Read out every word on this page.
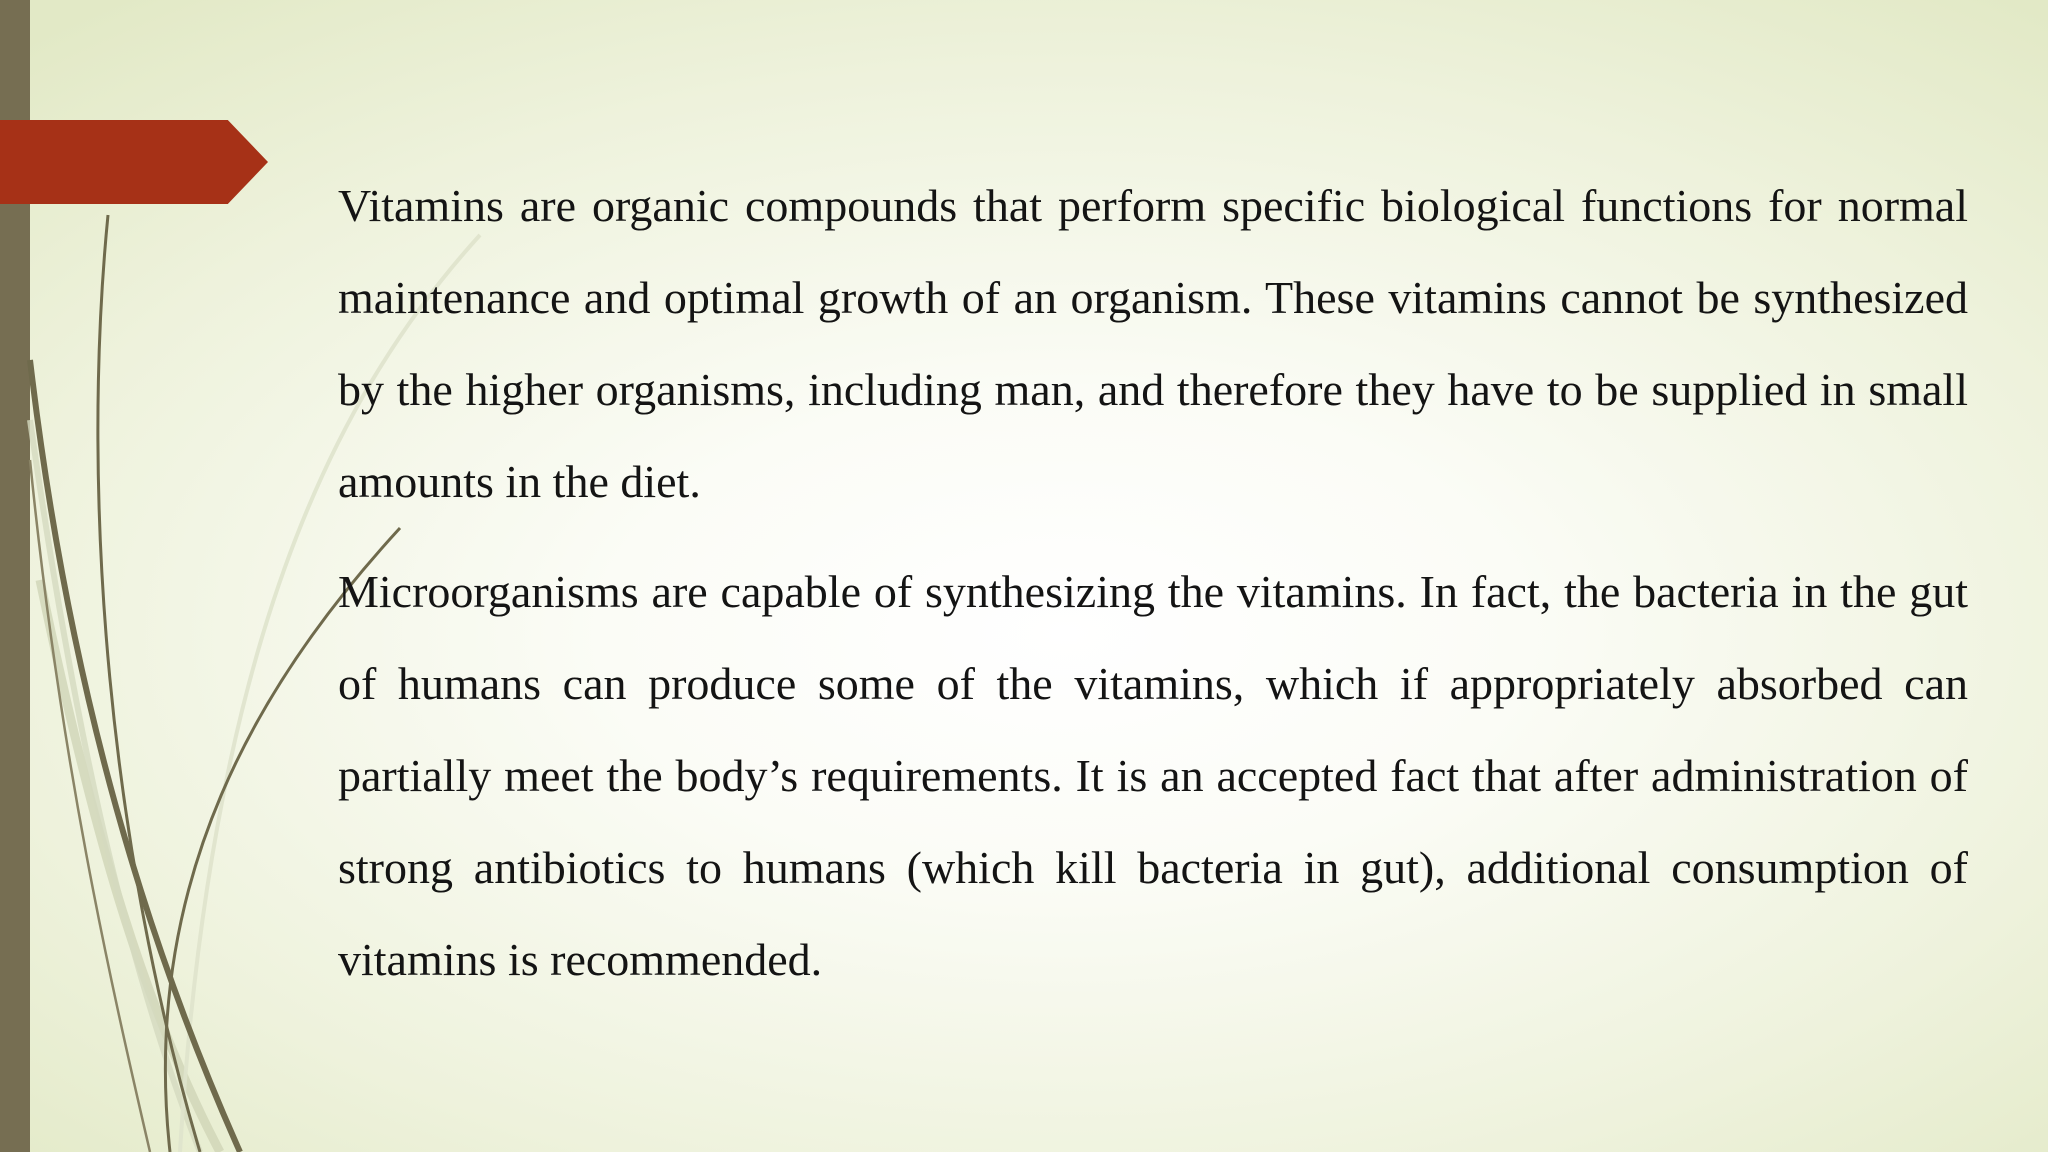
Vitamins are organic compounds that perform specific biological functions for normal maintenance and optimal growth of an organism. These vitamins cannot be synthesized by the higher organisms, including man, and therefore they have to be supplied in small amounts in the diet.

Microorganisms are capable of synthesizing the vitamins. In fact, the bacteria in the gut of humans can produce some of the vitamins, which if appropriately absorbed can partially meet the body’s requirements. It is an accepted fact that after administration of strong antibiotics to humans (which kill bacteria in gut), additional consumption of vitamins is recommended.
